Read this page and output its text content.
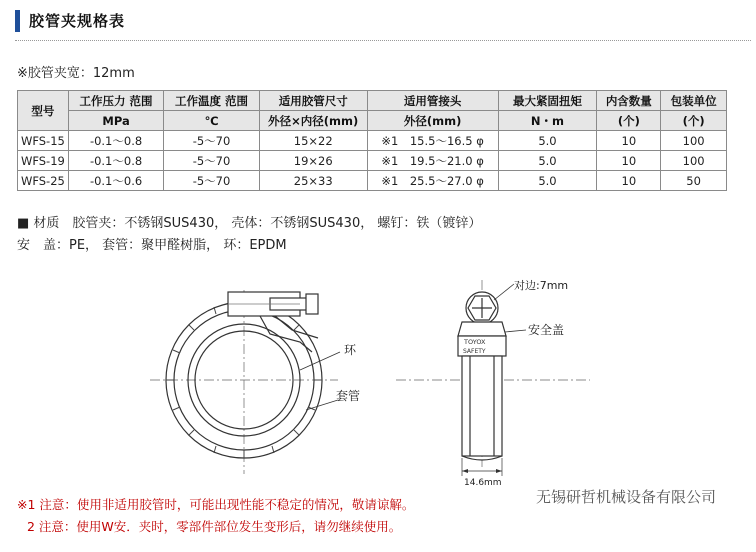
胶管夹规格表
※胶管夹宽：12mm
型号	工作压力 范围	工作温度 范围	适用胶管尺寸	适用管接头	最大紧固扭矩	内含数量	包装单位
	MPa	℃	外径×内径(mm)	外径(mm)	N・m	(个)	(个)
WFS-15	-0.1～0.8	-5～70	15×22	※1　15.5～16.5 φ	5.0	10	100
WFS-19	-0.1～0.8	-5～70	19×26	※1　19.5～21.0 φ	5.0	10	100
WFS-25	-0.1～0.6	-5～70	25×33	※1　25.5～27.0 φ	5.0	10	50
■ 材质　胶管夹：不锈钢SUS430， 壳体：不锈钢SUS430， 螺钉：铁（镀锌）
安　盖：PE， 套管：聚甲醛树脂， 环：EPDM
环
套管
TOYOX
SAFETY
14.6mm
对边:7mm
安全盖
无锡研哲机械设备有限公司
※1 注意：使用非适用胶管时，可能出现性能不稳定的情况，敬请谅解。
2 注意：使用W安．夹时，零部件部位发生变形后，请勿继续使用。
